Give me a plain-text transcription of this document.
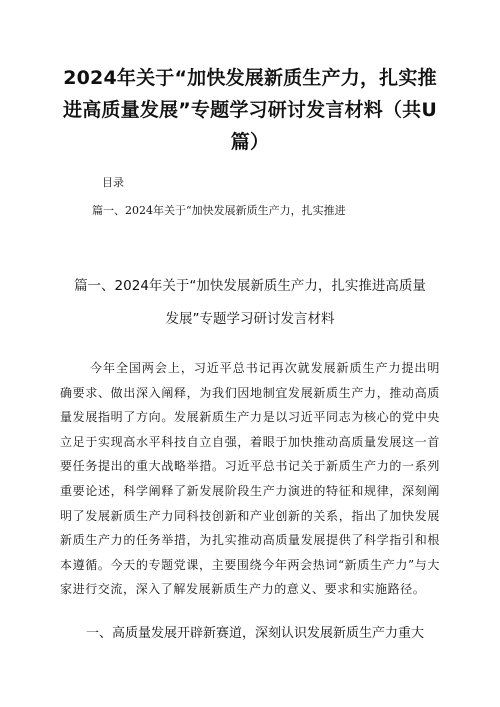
2024年关于“加快发展新质生产力，扎实推进高质量发展”专题学习研讨发言材料（共U篇）
目录
篇一、2024年关于“加快发展新质生产力，扎实推进
篇一、2024年关于“加快发展新质生产力，扎实推进高质量发展”专题学习研讨发言材料

今年全国两会上，习近平总书记再次就发展新质生产力提出明确要求、做出深入阐释，为我们因地制宜发展新质生产力，推动高质量发展指明了方向。发展新质生产力是以习近平同志为核心的党中央立足于实现高水平科技自立自强，着眼于加快推动高质量发展这一首要任务提出的重大战略举措。习近平总书记关于新质生产力的一系列重要论述，科学阐释了新发展阶段生产力演进的特征和规律，深刻阐明了发展新质生产力同科技创新和产业创新的关系，指出了加快发展新质生产力的任务举措，为扎实推动高质量发展提供了科学指引和根本遵循。今天的专题党课，主要围绕今年两会热词“新质生产力”与大家进行交流，深入了解发展新质生产力的意义、要求和实施路径。

一、高质量发展开辟新赛道，深刻认识发展新质生产力重大
